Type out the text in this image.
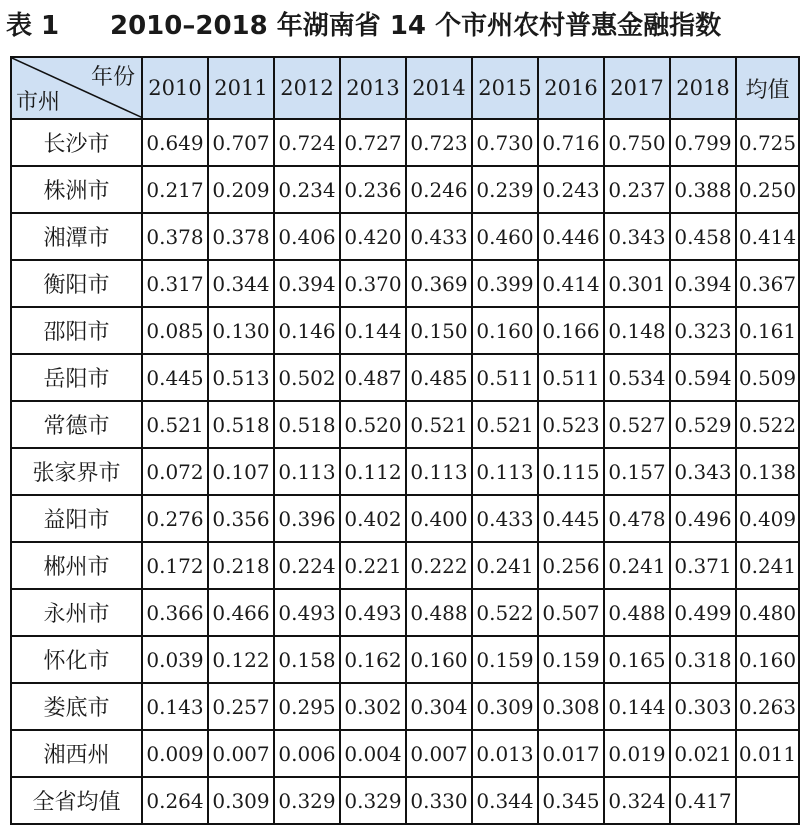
表 1 2010–2018 年湖南省 14 个市州农村普惠金融指数
年份
市州	2010	2011	2012	2013	2014	2015	2016	2017	2018	均值
长沙市	0.649	0.707	0.724	0.727	0.723	0.730	0.716	0.750	0.799	0.725
株洲市	0.217	0.209	0.234	0.236	0.246	0.239	0.243	0.237	0.388	0.250
湘潭市	0.378	0.378	0.406	0.420	0.433	0.460	0.446	0.343	0.458	0.414
衡阳市	0.317	0.344	0.394	0.370	0.369	0.399	0.414	0.301	0.394	0.367
邵阳市	0.085	0.130	0.146	0.144	0.150	0.160	0.166	0.148	0.323	0.161
岳阳市	0.445	0.513	0.502	0.487	0.485	0.511	0.511	0.534	0.594	0.509
常德市	0.521	0.518	0.518	0.520	0.521	0.521	0.523	0.527	0.529	0.522
张家界市	0.072	0.107	0.113	0.112	0.113	0.113	0.115	0.157	0.343	0.138
益阳市	0.276	0.356	0.396	0.402	0.400	0.433	0.445	0.478	0.496	0.409
郴州市	0.172	0.218	0.224	0.221	0.222	0.241	0.256	0.241	0.371	0.241
永州市	0.366	0.466	0.493	0.493	0.488	0.522	0.507	0.488	0.499	0.480
怀化市	0.039	0.122	0.158	0.162	0.160	0.159	0.159	0.165	0.318	0.160
娄底市	0.143	0.257	0.295	0.302	0.304	0.309	0.308	0.144	0.303	0.263
湘西州	0.009	0.007	0.006	0.004	0.007	0.013	0.017	0.019	0.021	0.011
全省均值	0.264	0.309	0.329	0.329	0.330	0.344	0.345	0.324	0.417	
